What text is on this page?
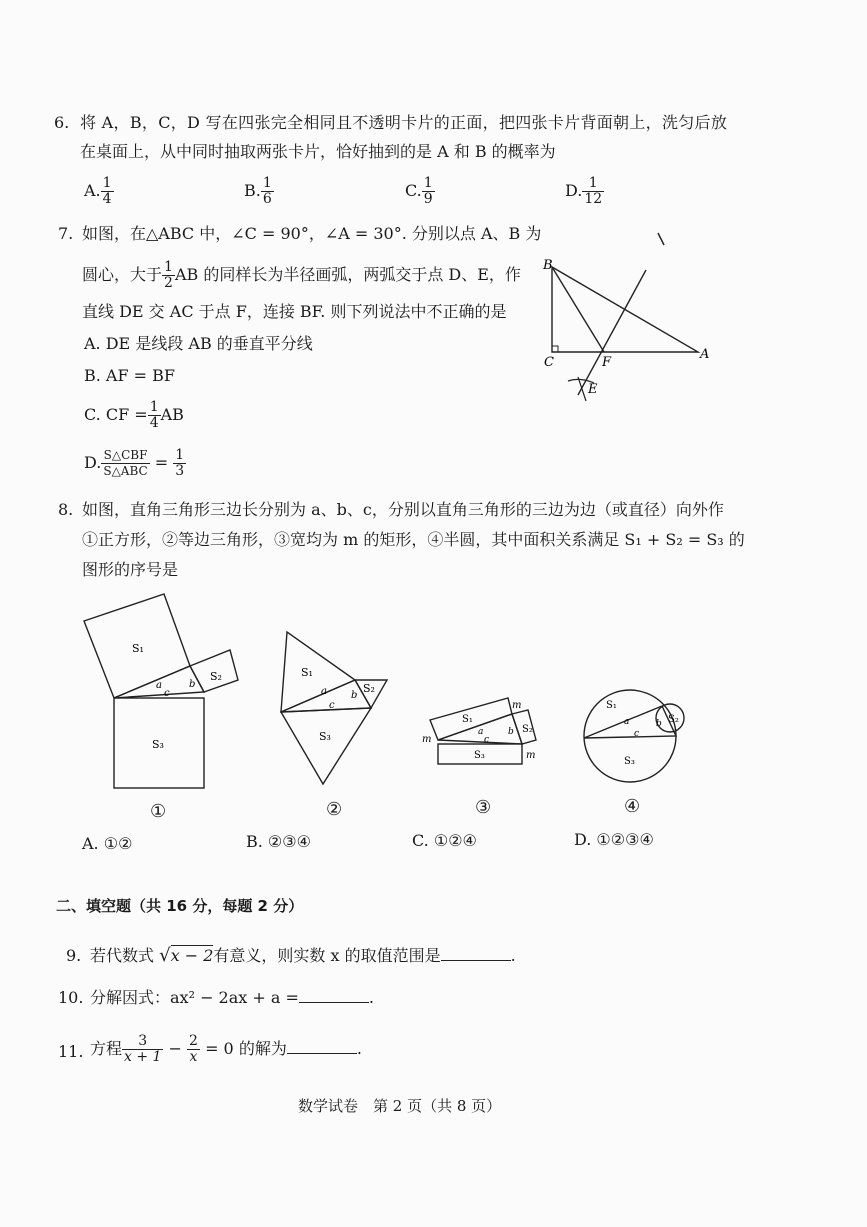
6. 将 A，B，C，D 写在四张完全相同且不透明卡片的正面，把四张卡片背面朝上，洗匀后放
在桌面上，从中同时抽取两张卡片，恰好抽到的是 A 和 B 的概率为
A. $\frac{1}{4}$	B. $\frac{1}{6}$	C. $\frac{1}{9}$	D. $\frac{1}{12}$
7. 如图，在△ABC 中，∠C = 90°，∠A = 30°. 分别以点 A、B 为
圆心，大于 $\frac{1}{2}$ AB 的同样长为半径画弧，两弧交于点 D、E，作
直线 DE 交 AC 于点 F，连接 BF. 则下列说法中不正确的是
A. DE 是线段 AB 的垂直平分线
B. AF = BF
C. CF = $\frac{1}{4}$ AB
D. $\frac{\text{S△CBF}}{\text{S△ABC}} = \frac{1}{3}$
B
C	F
A
E
8. 如图，直角三角形三边长分别为 a、b、c，分别以直角三角形的三边为边（或直径）向外作
①正方形，②等边三角形，③宽均为 m 的矩形，④半圆，其中面积关系满足 S₁ + S₂ = S₃ 的
图形的序号是
S₁
S₂
S₃
a	b
c
S₁
S₂
S₃
a b
c
S₁
S₂
S₃
a	b
c
m
m
m
S₁
S₂
S₃
a	b
c
①	②	③	④
A. ①②	B. ②③④	C. ①②④	D. ①②③④
二、填空题（共 16 分，每题 2 分）
9. 若代数式 √x − 2有意义，则实数 x 的取值范围是	.
10. 分解因式：ax² − 2ax + a =	.
11. 方程 $\frac{3}{x + 1} - \frac{2}{x} = 0$ 的解为	.
数学试卷　第 2 页（共 8 页）
